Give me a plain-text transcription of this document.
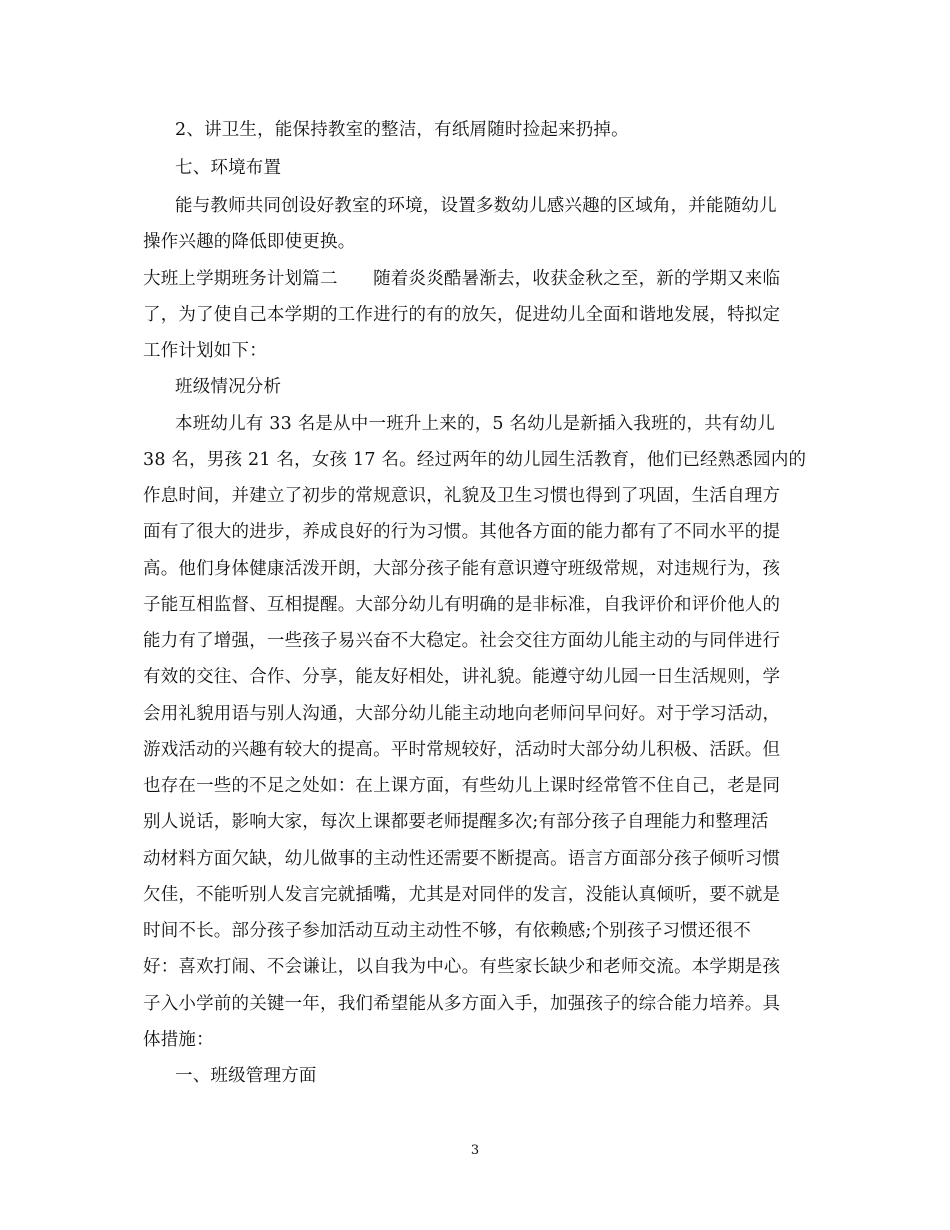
2、讲卫生，能保持教室的整洁，有纸屑随时捡起来扔掉。
七、环境布置
能与教师共同创设好教室的环境，设置多数幼儿感兴趣的区域角，并能随幼儿
操作兴趣的降低即使更换。
大班上学期班务计划篇二　　随着炎炎酷暑渐去，收获金秋之至，新的学期又来临
了，为了使自己本学期的工作进行的有的放矢，促进幼儿全面和谐地发展，特拟定
工作计划如下：
班级情况分析
本班幼儿有 33 名是从中一班升上来的，5 名幼儿是新插入我班的，共有幼儿
38 名，男孩 21 名，女孩 17 名。经过两年的幼儿园生活教育，他们已经熟悉园内的
作息时间，并建立了初步的常规意识，礼貌及卫生习惯也得到了巩固，生活自理方
面有了很大的进步，养成良好的行为习惯。其他各方面的能力都有了不同水平的提
高。他们身体健康活泼开朗，大部分孩子能有意识遵守班级常规，对违规行为，孩
子能互相监督、互相提醒。大部分幼儿有明确的是非标准，自我评价和评价他人的
能力有了增强，一些孩子易兴奋不大稳定。社会交往方面幼儿能主动的与同伴进行
有效的交往、合作、分享，能友好相处，讲礼貌。能遵守幼儿园一日生活规则，学
会用礼貌用语与别人沟通，大部分幼儿能主动地向老师问早问好。对于学习活动，
游戏活动的兴趣有较大的提高。平时常规较好，活动时大部分幼儿积极、活跃。但
也存在一些的不足之处如：在上课方面，有些幼儿上课时经常管不住自己，老是同
别人说话，影响大家，每次上课都要老师提醒多次;有部分孩子自理能力和整理活
动材料方面欠缺，幼儿做事的主动性还需要不断提高。语言方面部分孩子倾听习惯
欠佳，不能听别人发言完就插嘴，尤其是对同伴的发言，没能认真倾听，要不就是
时间不长。部分孩子参加活动互动主动性不够，有依赖感;个别孩子习惯还很不
好：喜欢打闹、不会谦让，以自我为中心。有些家长缺少和老师交流。本学期是孩
子入小学前的关键一年，我们希望能从多方面入手，加强孩子的综合能力培养。具
体措施：
一、班级管理方面
3
